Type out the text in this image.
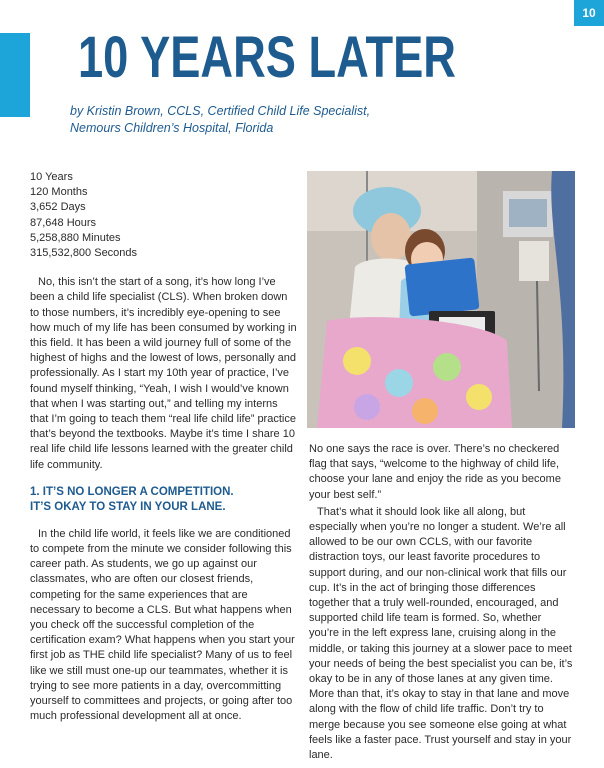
10
10 YEARS LATER
by Kristin Brown, CCLS, Certified Child Life Specialist,
Nemours Children’s Hospital, Florida
10 Years
120 Months
3,652 Days
87,648 Hours
5,258,880 Minutes
315,532,800 Seconds

No, this isn’t the start of a song, it’s how long I’ve been a child life specialist (CLS). When broken down to those numbers, it’s incredibly eye-opening to see how much of my life has been consumed by working in this field. It has been a wild journey full of some of the highest of highs and the lowest of lows, personally and professionally. As I start my 10th year of practice, I’ve found myself thinking, “Yeah, I wish I would’ve known that when I was starting out,” and telling my interns that I’m going to teach them “real life child life” practice that’s beyond the textbooks. Maybe it’s time I share 10 real life child life lessons learned with the greater child life community.

1. IT’S NO LONGER A COMPETITION.
IT’S OKAY TO STAY IN YOUR LANE.

In the child life world, it feels like we are conditioned to compete from the minute we consider following this career path. As students, we go up against our classmates, who are often our closest friends, competing for the same experiences that are necessary to become a CLS. But what happens when you check off the successful completion of the certification exam? What happens when you start your first job as THE child life specialist? Many of us to feel like we still must one-up our teammates, whether it is trying to see more patients in a day, overcommitting yourself to committees and projects, or going after too much professional development all at once.

No one says the race is over. There’s no checkered flag that says, “welcome to the highway of child life, choose your lane and enjoy the ride as you become your best self.”

That’s what it should look like all along, but especially when you’re no longer a student. We’re all allowed to be our own CCLS, with our favorite distraction toys, our least favorite procedures to support during, and our non-clinical work that fills our cup. It’s in the act of bringing those differences together that a truly well-rounded, encouraged, and supported child life team is formed. So, whether you’re in the left express lane, cruising along in the middle, or taking this journey at a slower pace to meet your needs of being the best specialist you can be, it’s okay to be in any of those lanes at any given time. More than that, it’s okay to stay in that lane and move along with the flow of child life traffic. Don’t try to merge because you see someone else going at what feels like a faster pace. Trust yourself and stay in your lane.
